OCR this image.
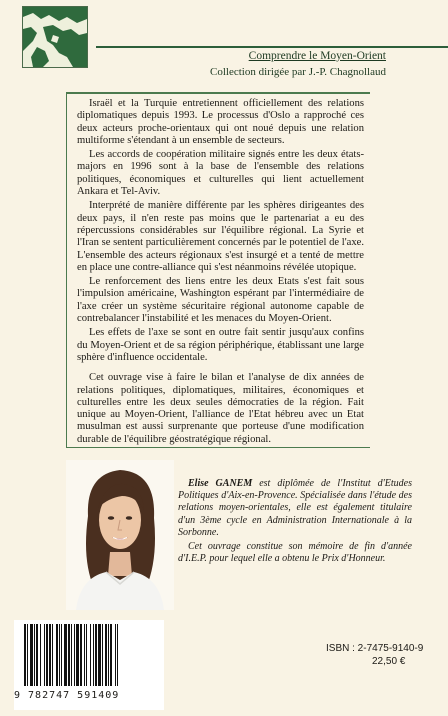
Comprendre le Moyen-Orient
Collection dirigée par J.-P. Chagnollaud

Israël et la Turquie entretiennent officiellement des relations diplomatiques depuis 1993. Le processus d'Oslo a rapproché ces deux acteurs proche-orientaux qui ont noué depuis une relation multiforme s'étendant à un ensemble de secteurs.

Les accords de coopération militaire signés entre les deux états-majors en 1996 sont à la base de l'ensemble des relations politiques, économiques et culturelles qui lient actuellement Ankara et Tel-Aviv.

Interprété de manière différente par les sphères dirigeantes des deux pays, il n'en reste pas moins que le partenariat a eu des répercussions considérables sur l'équilibre régional. La Syrie et l'Iran se sentent particulièrement concernés par le potentiel de l'axe. L'ensemble des acteurs régionaux s'est insurgé et a tenté de mettre en place une contre-alliance qui s'est néanmoins révélée utopique.

Le renforcement des liens entre les deux Etats s'est fait sous l'impulsion américaine, Washington espérant par l'intermédiaire de l'axe créer un système sécuritaire régional autonome capable de contrebalancer l'instabilité et les menaces du Moyen-Orient.

Les effets de l'axe se sont en outre fait sentir jusqu'aux confins du Moyen-Orient et de sa région périphérique, établissant une large sphère d'influence occidentale.

Cet ouvrage vise à faire le bilan et l'analyse de dix années de relations politiques, diplomatiques, militaires, économiques et culturelles entre les deux seules démocraties de la région. Fait unique au Moyen-Orient, l'alliance de l'Etat hébreu avec un Etat musulman est aussi surprenante que porteuse d'une modification durable de l'équilibre géostratégique régional.

Elise GANEM est diplômée de l'Institut d'Etudes Politiques d'Aix-en-Provence. Spécialisée dans l'étude des relations moyen-orientales, elle est également titulaire d'un 3ème cycle en Administration Internationale à la Sorbonne.

Cet ouvrage constitue son mémoire de fin d'année d'I.E.P. pour lequel elle a obtenu le Prix d'Honneur.

9 782747 591409
ISBN : 2-7475-9140-9
22,50 €
